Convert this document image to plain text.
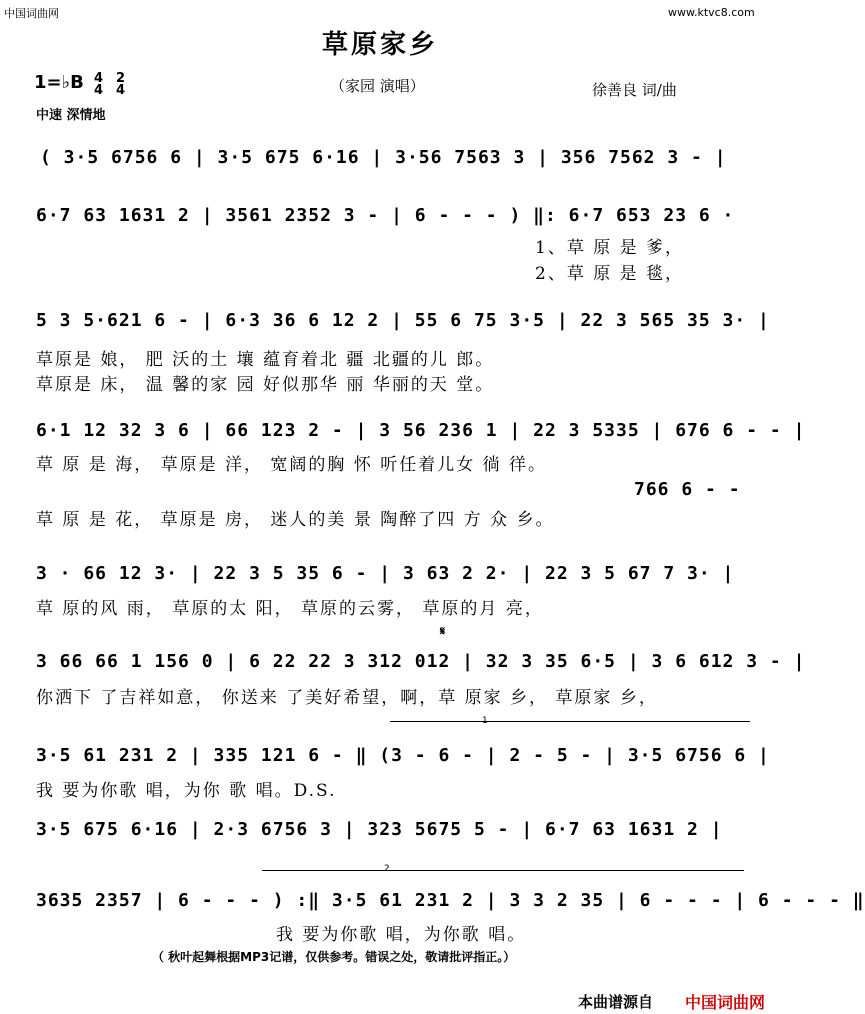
中国词曲网	www.ktvc8.com
草原家乡
（家园 演唱）	徐善良 词/曲
1=♭B 4
4
2
4
中速 深情地
( 3·5 6756 6 | 3·5 675 6·16 | 3·56 7563 3 | 356 7562 3 - |
6·7 63 1631 2 | 3561 2352 3 - | 6 - - - ) ‖: 6·7 653 23 6 ·
1、草 原 是 爹，
2、草 原 是 毯，
5 3 5·621 6 - | 6·3 36 6 12 2 | 55 6 75 3·5 | 22 3 565 35 3· |
草原是 娘， 肥 沃的土 壤 蕴育着北 疆 北疆的儿 郎。
草原是 床， 温 馨的家 园 好似那华 丽 华丽的天 堂。
6·1 12 32 3 6 | 66 123 2 - | 3 56 236 1 | 22 3 5335 | 676 6 - - |
草 原 是 海， 草原是 洋， 宽阔的胸 怀 听任着儿女 徜 徉。
766 6 - -
草 原 是 花， 草原是 房， 迷人的美 景 陶醉了四 方 众 乡。
3 · 66 12 3· | 22 3 5 35 6 - | 3 63 2 2· | 22 3 5 67 7 3· |
草 原的风 雨， 草原的太 阳， 草原的云雾， 草原的月 亮，
𝄋
3 66 66 1 156 0 | 6 22 22 3 312 012 | 32 3 35 6·5 | 3 6 612 3 - |
你洒下 了吉祥如意， 你送来 了美好希望，啊，草 原家 乡， 草原家 乡，
1
3·5 61 231 2 | 335 121 6 - ‖ (3 - 6 - | 2 - 5 - | 3·5 6756 6 |
我 要为你歌 唱，为你 歌 唱。D.S.
3·5 675 6·16 | 2·3 6756 3 | 323 5675 5 - | 6·7 63 1631 2 |
2
3635 2357 | 6 - - - ) :‖ 3·5 61 231 2 | 3 3 2 35 | 6 - - - | 6 - - - ‖
我 要为你歌 唱，为你歌 唱。
（ 秋叶起舞根据MP3记谱，仅供参考。错误之处，敬请批评指正。）
本曲谱源自 中国词曲网
